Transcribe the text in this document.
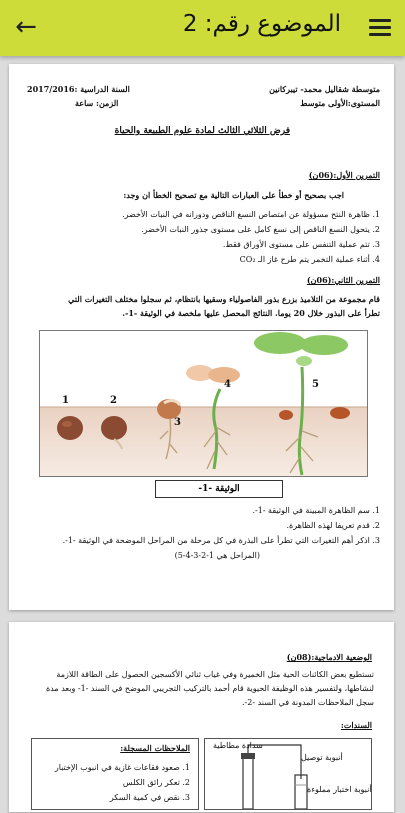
←	الموضوع رقم: 2
متوسطة شقاليل محمد- تيبركانين
السنة الدراسية :2017/2016
المستوى:الأولى متوسط
الزمن: ساعة
فرض الثلاثي الثالث لمادة علوم الطبيعة والحياة
التمرين الأول:(06ن)
اجب بصحيح أو خطأ على العبارات التالية مع تصحيح الخطأ ان وجد:
1. ظاهرة النتح مسؤولة عن امتصاص النسغ الناقص ودورانه في النبات الأخضر.
2. يتحول النسغ الناقص إلى نسغ كامل على مستوى جذور النبات الأخضر.
3. تتم عملية التنفس على مستوى الأوراق فقط.
4. أثناء عملية التخمر يتم طرح غاز الـ CO₂
التمرين الثاني:(06ن)
قام مجموعة من التلاميذ بزرع بذور الفاصولياء وسقيها بانتظام، ثم سجلوا مختلف التغيرات التي
تطرأ على البذور خلال 20 يوما. النتائج المحصل عليها ملخصة في الوثيقة -1-.
1	2
3
4	5
الوثيقة -1-
1. سم الظاهرة المبينة في الوثيقة -1-.
2. قدم تعريفا لهذه الظاهرة.
3. اذكر أهم التغيرات التي تطرأ على البذرة في كل مرحلة من المراحل الموضحة في الوثيقة -1-.
(المراحل هي 1-2-3-4-5)
الوضعية الادماجية:(08ن)
تستطيع بعض الكائنات الحية مثل الخميرة وفي غياب ثنائي الأكسجين الحصول على الطاقة اللازمة
لنشاطها، ولتفسير هذه الوظيفة الحيوية قام أحمد بالتركيب التجريبي الموضح في السند -1- وبعد مدة
سجل الملاحظات المدونة في السند -2-.
السندات:
سدادة مطاطية
أنبوبة توصيل
أنبوبة اختبار مملوءة
الملاحظات المسجلة:
1. صعود فقاعات غازية في انبوب الإختبار
2. تعكر رائق الكلس
3. نقص في كمية السكر
